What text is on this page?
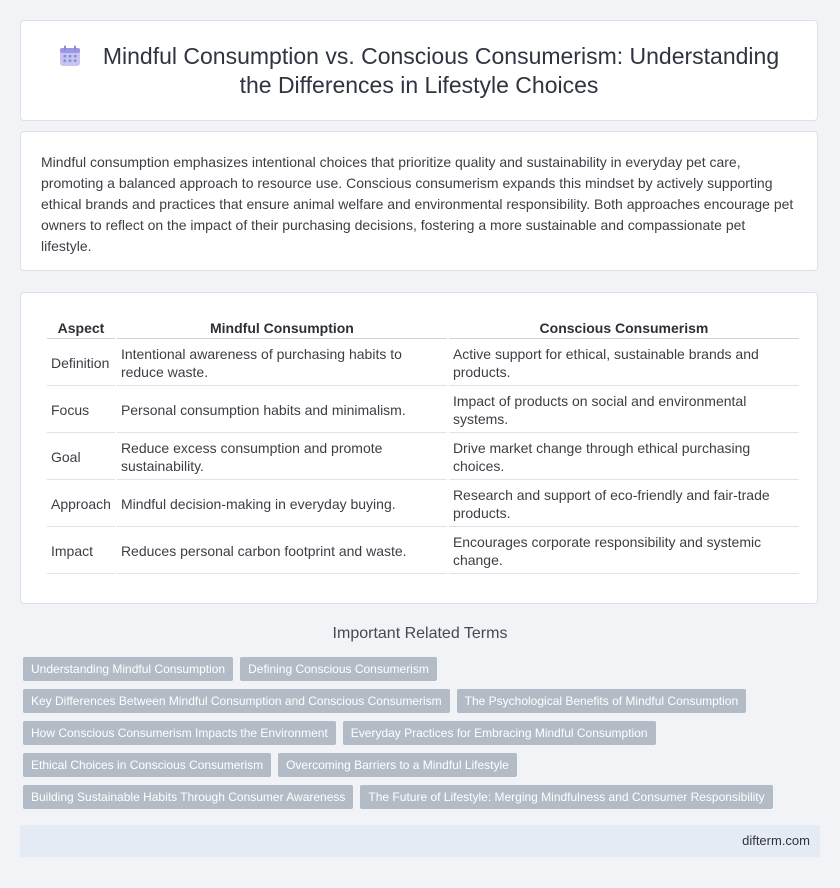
Mindful Consumption vs. Conscious Consumerism: Understanding the Differences in Lifestyle Choices

Mindful consumption emphasizes intentional choices that prioritize quality and sustainability in everyday pet care, promoting a balanced approach to resource use. Conscious consumerism expands this mindset by actively supporting ethical brands and practices that ensure animal welfare and environmental responsibility. Both approaches encourage pet owners to reflect on the impact of their purchasing decisions, fostering a more sustainable and compassionate pet lifestyle.

Aspect	Mindful Consumption	Conscious Consumerism
Definition	Intentional awareness of purchasing habits to reduce waste.	Active support for ethical, sustainable brands and products.
Focus	Personal consumption habits and minimalism.	Impact of products on social and environmental systems.
Goal	Reduce excess consumption and promote sustainability.	Drive market change through ethical purchasing choices.
Approach	Mindful decision-making in everyday buying.	Research and support of eco-friendly and fair-trade products.
Impact	Reduces personal carbon footprint and waste.	Encourages corporate responsibility and systemic change.
Important Related Terms
Understanding Mindful Consumption	Defining Conscious Consumerism
Key Differences Between Mindful Consumption and Conscious Consumerism	The Psychological Benefits of Mindful Consumption
How Conscious Consumerism Impacts the Environment	Everyday Practices for Embracing Mindful Consumption
Ethical Choices in Conscious Consumerism	Overcoming Barriers to a Mindful Lifestyle
Building Sustainable Habits Through Consumer Awareness	The Future of Lifestyle: Merging Mindfulness and Consumer Responsibility
difterm.com
